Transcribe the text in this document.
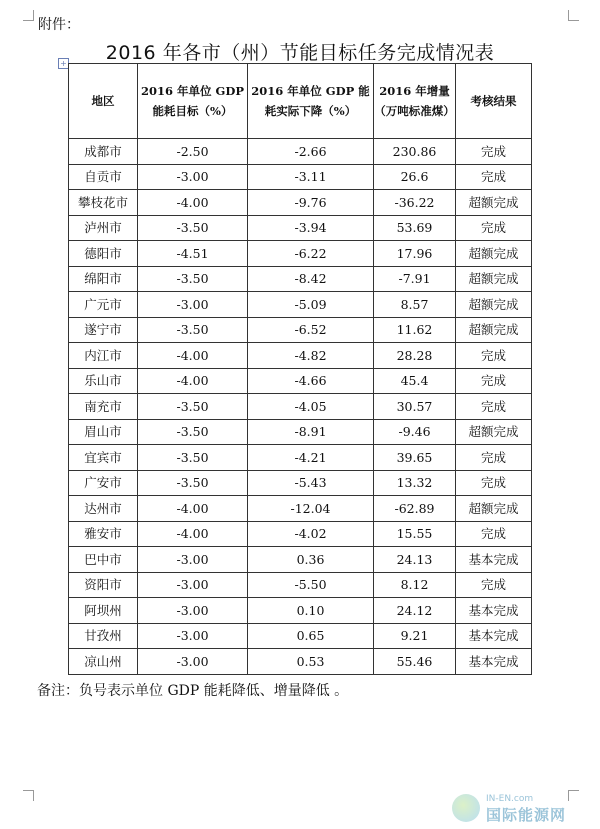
附件：
2016 年各市（州）节能目标任务完成情况表
+
地区	2016 年单位 GDP 能耗目标（%）	2016 年单位 GDP 能耗实际下降（%）	2016 年增量（万吨标准煤）	考核结果
成都市	-2.50	-2.66	230.86	完成
自贡市	-3.00	-3.11	26.6	完成
攀枝花市	-4.00	-9.76	-36.22	超额完成
泸州市	-3.50	-3.94	53.69	完成
德阳市	-4.51	-6.22	17.96	超额完成
绵阳市	-3.50	-8.42	-7.91	超额完成
广元市	-3.00	-5.09	8.57	超额完成
遂宁市	-3.50	-6.52	11.62	超额完成
内江市	-4.00	-4.82	28.28	完成
乐山市	-4.00	-4.66	45.4	完成
南充市	-3.50	-4.05	30.57	完成
眉山市	-3.50	-8.91	-9.46	超额完成
宜宾市	-3.50	-4.21	39.65	完成
广安市	-3.50	-5.43	13.32	完成
达州市	-4.00	-12.04	-62.89	超额完成
雅安市	-4.00	-4.02	15.55	完成
巴中市	-3.00	0.36	24.13	基本完成
资阳市	-3.00	-5.50	8.12	完成
阿坝州	-3.00	0.10	24.12	基本完成
甘孜州	-3.00	0.65	9.21	基本完成
凉山州	-3.00	0.53	55.46	基本完成
备注：负号表示单位 GDP 能耗降低、增量降低 。
IN-EN.com
国际能源网
